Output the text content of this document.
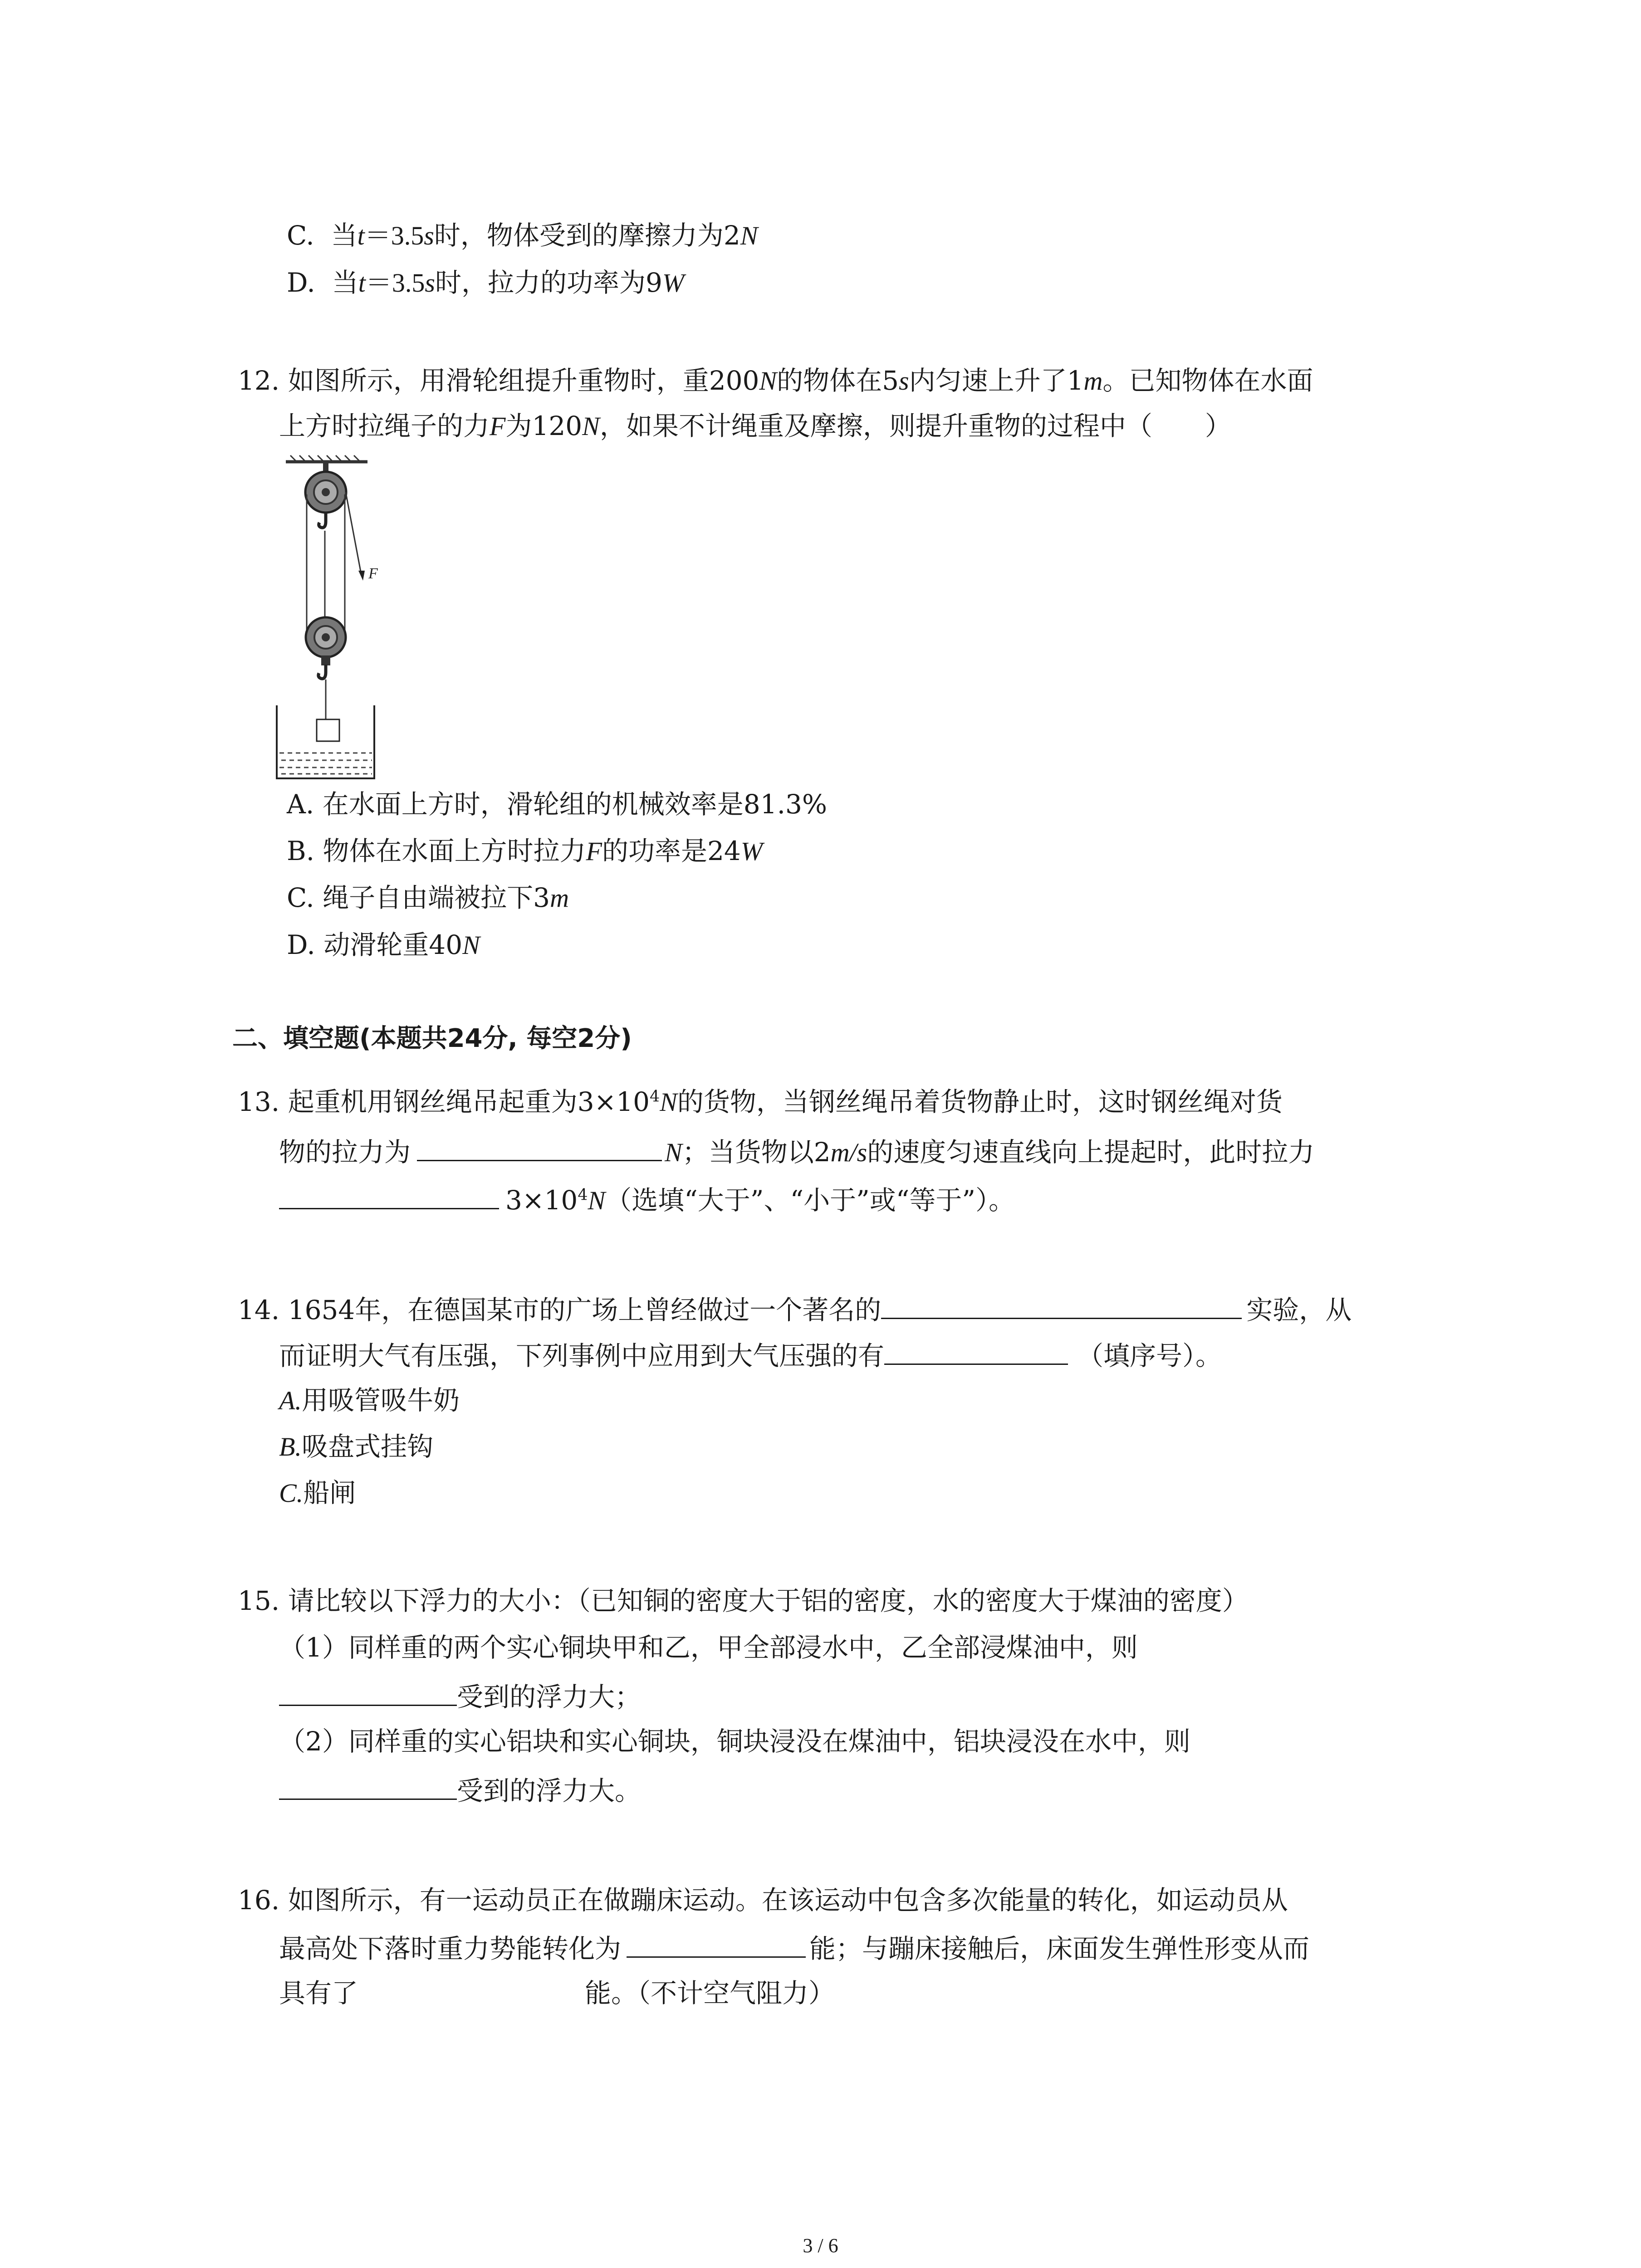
C. 当t＝3.5s时，物体受到的摩擦力为2N
D. 当t＝3.5s时，拉力的功率为9W
12. 如图所示，用滑轮组提升重物时，重200N的物体在5s内匀速上升了1m。已知物体在水面
上方时拉绳子的力F为120N，如果不计绳重及摩擦，则提升重物的过程中（　　）
F
A. 在水面上方时，滑轮组的机械效率是81.3%
B. 物体在水面上方时拉力F的功率是24W
C. 绳子自由端被拉下3m
D. 动滑轮重40N
二、填空题(本题共24分, 每空2分)
13. 起重机用钢丝绳吊起重为$3\times 10^4N$的货物，当钢丝绳吊着货物静止时，这时钢丝绳对货
物的拉力为	N；当货物以2m/s的速度匀速直线向上提起时，此时拉力
$3\times 10^4N$（选填“大于”、“小于”或“等于”）。
14. 1654年，在德国某市的广场上曾经做过一个著名的	实验，从
而证明大气有压强，下列事例中应用到大气压强的有	（填序号）。
A.用吸管吸牛奶
B.吸盘式挂钩
C.船闸
15. 请比较以下浮力的大小：（已知铜的密度大于铝的密度，水的密度大于煤油的密度）
（1）同样重的两个实心铜块甲和乙，甲全部浸水中，乙全部浸煤油中，则
受到的浮力大；
（2）同样重的实心铝块和实心铜块，铜块浸没在煤油中，铝块浸没在水中，则
受到的浮力大。
16. 如图所示，有一运动员正在做蹦床运动。在该运动中包含多次能量的转化，如运动员从
最高处下落时重力势能转化为	能；与蹦床接触后，床面发生弹性形变从而
具有了	能。（不计空气阻力）
3 / 6
